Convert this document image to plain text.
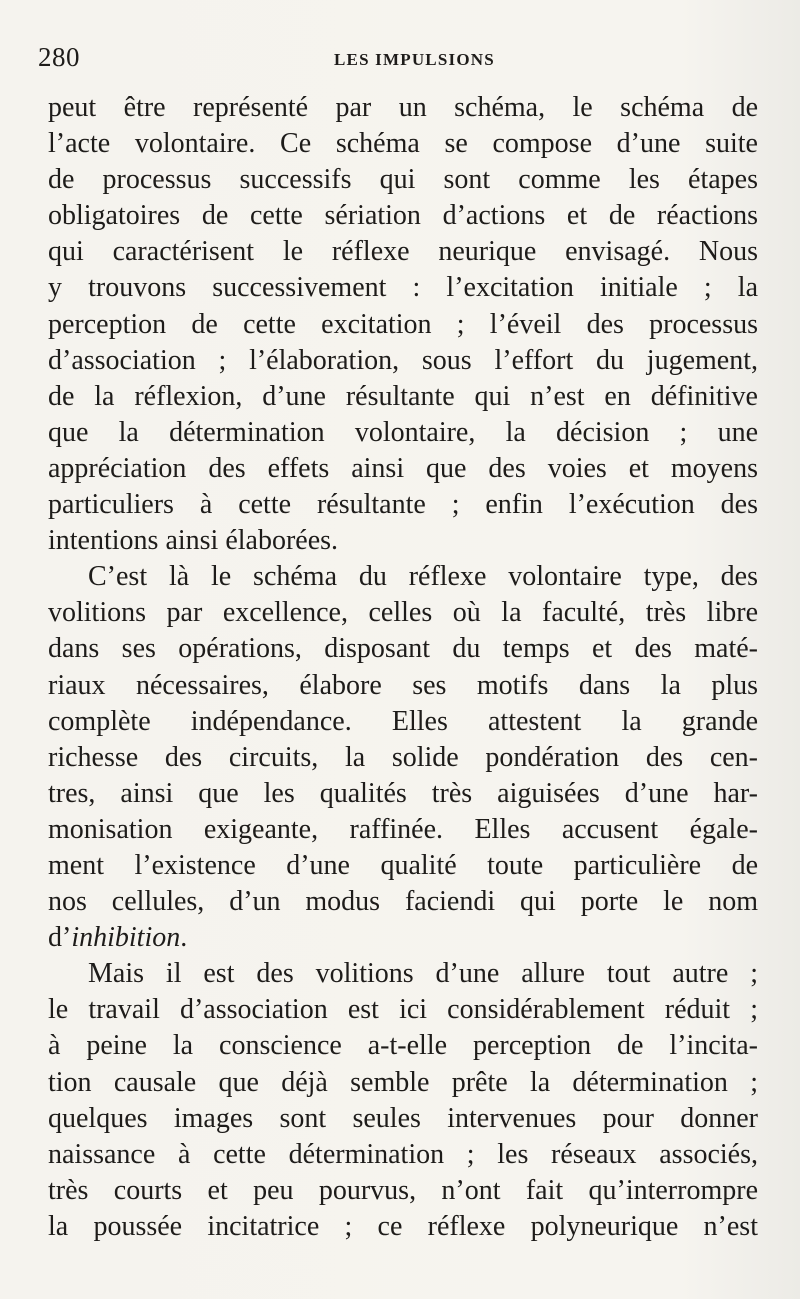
280	LES IMPULSIONS
peut être représenté par un schéma, le schéma de
l’acte volontaire. Ce schéma se compose d’une suite
de processus successifs qui sont comme les étapes
obligatoires de cette sériation d’actions et de réactions
qui caractérisent le réflexe neurique envisagé. Nous
y trouvons successivement : l’excitation initiale ; la
perception de cette excitation ; l’éveil des processus
d’association ; l’élaboration, sous l’effort du jugement,
de la réflexion, d’une résultante qui n’est en définitive
que la détermination volontaire, la décision ; une
appréciation des effets ainsi que des voies et moyens
particuliers à cette résultante ; enfin l’exécution des
intentions ainsi élaborées.
C’est là le schéma du réflexe volontaire type, des
volitions par excellence, celles où la faculté, très libre
dans ses opérations, disposant du temps et des maté-
riaux nécessaires, élabore ses motifs dans la plus
complète indépendance. Elles attestent la grande
richesse des circuits, la solide pondération des cen-
tres, ainsi que les qualités très aiguisées d’une har-
monisation exigeante, raffinée. Elles accusent égale-
ment l’existence d’une qualité toute particulière de
nos cellules, d’un modus faciendi qui porte le nom
d’inhibition.
Mais il est des volitions d’une allure tout autre ;
le travail d’association est ici considérablement réduit ;
à peine la conscience a-t-elle perception de l’incita-
tion causale que déjà semble prête la détermination ;
quelques images sont seules intervenues pour donner
naissance à cette détermination ; les réseaux associés,
très courts et peu pourvus, n’ont fait qu’interrompre
la poussée incitatrice ; ce réflexe polyneurique n’est
